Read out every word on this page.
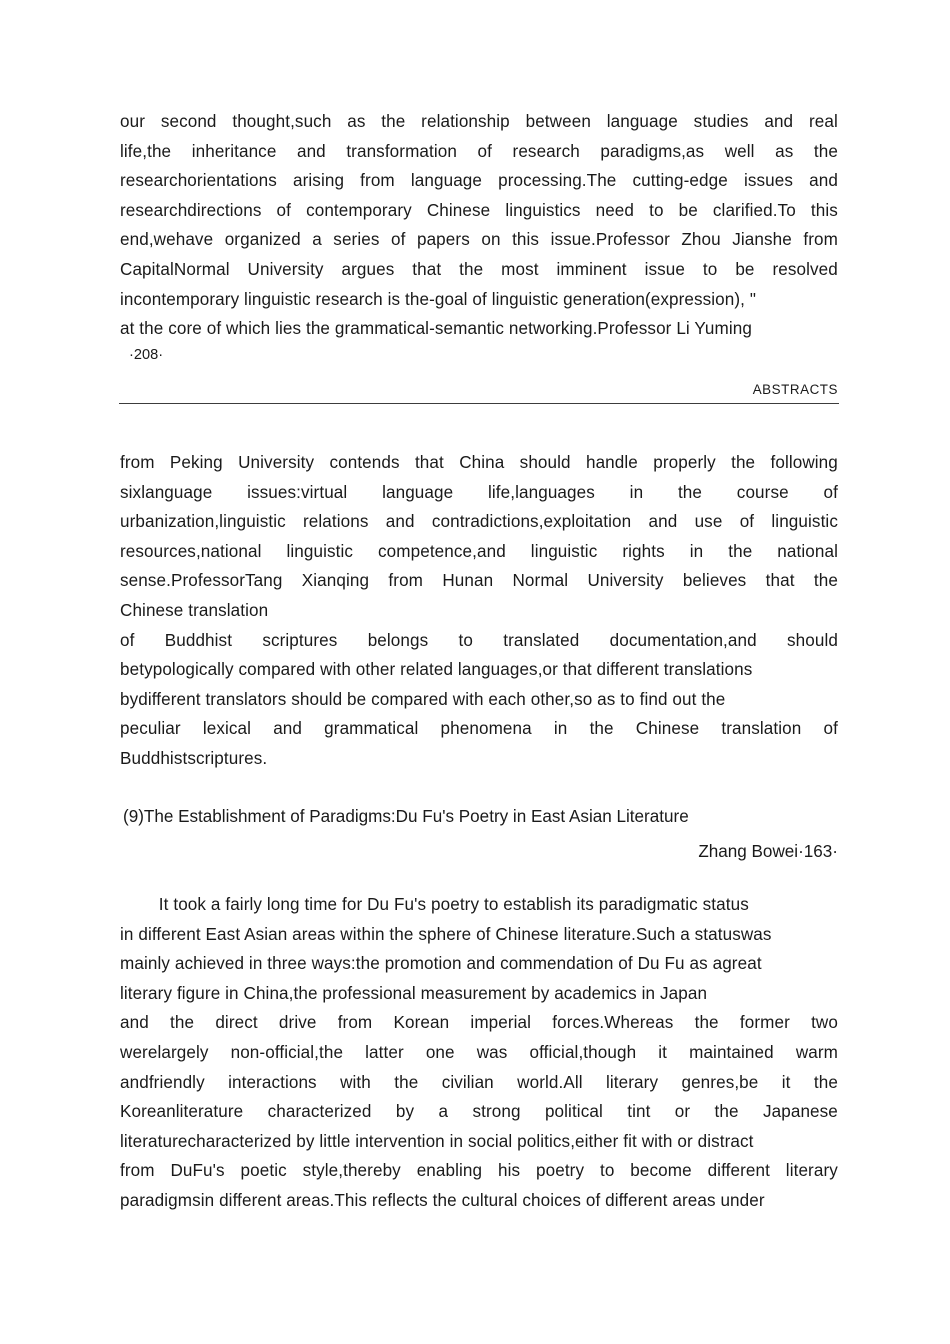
our second thought,such as the relationship between language studies and real
life,the inheritance and transformation of research paradigms,as well as the
researchorientations arising from language processing.The cutting-edge issues and
researchdirections of contemporary Chinese linguistics need to be clarified.To this
end,wehave organized a series of papers on this issue.Professor Zhou Jianshe from
CapitalNormal University argues that the most imminent issue to be resolved
incontemporary linguistic research is the-goal of linguistic generation(expression), "
at the core of which lies the grammatical-semantic networking.Professor Li Yuming
·208·
ABSTRACTS
from Peking University contends that China should handle properly the following
sixlanguage issues:virtual language life,languages in the course of
urbanization,linguistic relations and contradictions,exploitation and use of linguistic
resources,national linguistic competence,and linguistic rights in the national
sense.ProfessorTang Xianqing from Hunan Normal University believes that the
Chinese translation
of Buddhist scriptures belongs to translated documentation,and should
betypologically compared with other related languages,or that different translations
bydifferent translators should be compared with each other,so as to find out the
peculiar lexical and grammatical phenomena in the Chinese translation of
Buddhistscriptures.
(9)The Establishment of Paradigms:Du Fu's Poetry in East Asian Literature
Zhang Bowei·163·
It took a fairly long time for Du Fu's poetry to establish its paradigmatic status
in different East Asian areas within the sphere of Chinese literature.Such a statuswas
mainly achieved in three ways:the promotion and commendation of Du Fu as agreat
literary figure in China,the professional measurement by academics in Japan
and the direct drive from Korean imperial forces.Whereas the former two
werelargely non-official,the latter one was official,though it maintained warm
andfriendly interactions with the civilian world.All literary genres,be it the
Koreanliterature characterized by a strong political tint or the Japanese
literaturecharacterized by little intervention in social politics,either fit with or distract
from DuFu's poetic style,thereby enabling his poetry to become different literary
paradigmsin different areas.This reflects the cultural choices of different areas under
